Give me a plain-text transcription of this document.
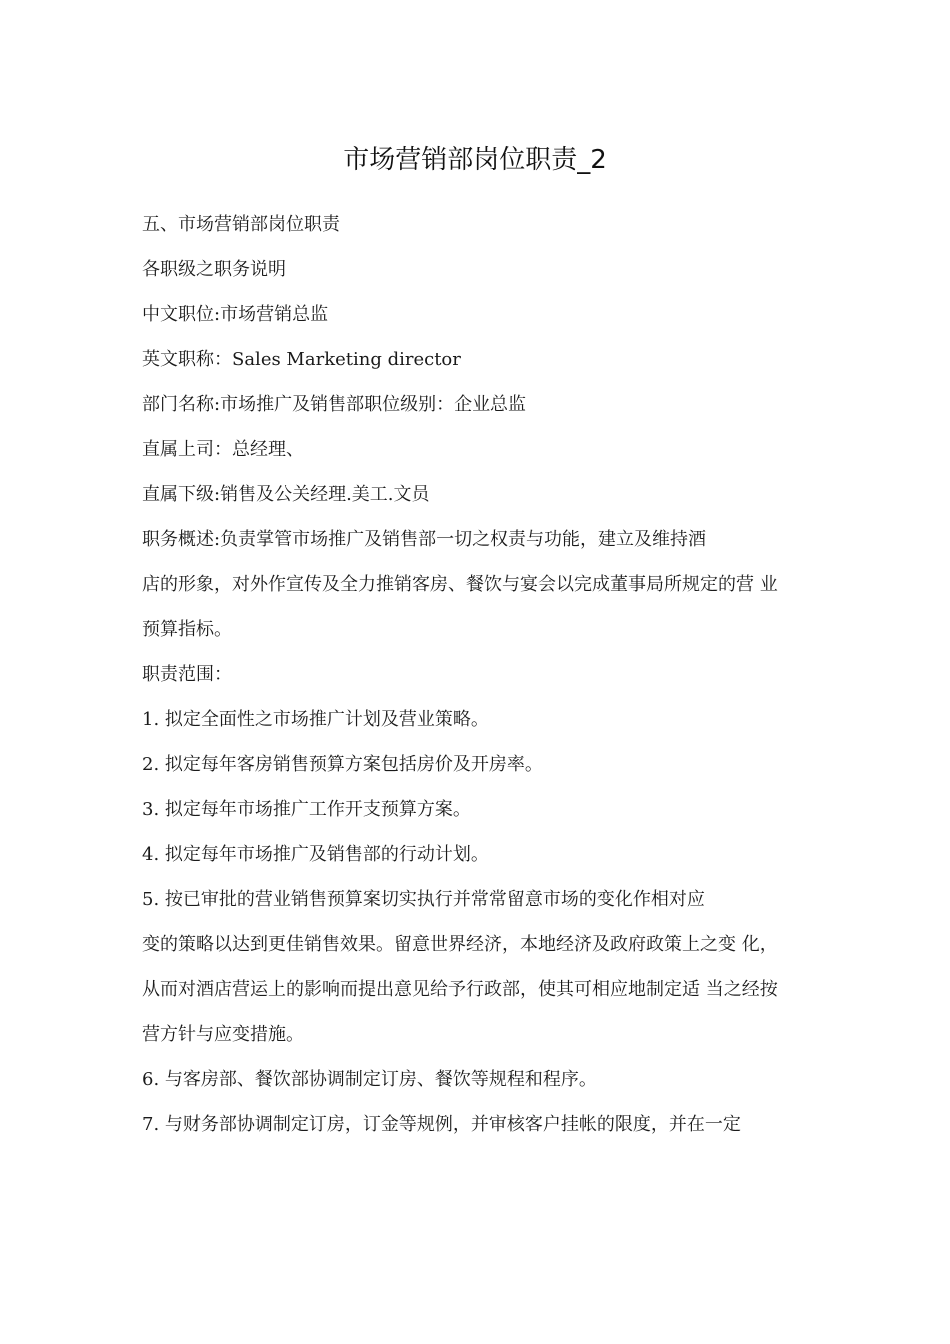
市场营销部岗位职责_2
五、市场营销部岗位职责
各职级之职务说明
中文职位:市场营销总监
英文职称：Sales Marketing director
部门名称:市场推广及销售部职位级别：企业总监
直属上司：总经理、
直属下级:销售及公关经理.美工.文员
职务概述:负责掌管市场推广及销售部一切之权责与功能，建立及维持酒
店的形象，对外作宣传及全力推销客房、餐饮与宴会以完成董事局所规定的营 业
预算指标。
职责范围：
1. 拟定全面性之市场推广计划及营业策略。
2. 拟定每年客房销售预算方案包括房价及开房率。
3. 拟定每年市场推广工作开支预算方案。
4. 拟定每年市场推广及销售部的行动计划。
5. 按已审批的营业销售预算案切实执行并常常留意市场的变化作相对应
变的策略以达到更佳销售效果。留意世界经济，本地经济及政府政策上之变 化，
从而对酒店营运上的影响而提出意见给予行政部，使其可相应地制定适 当之经按
营方针与应变措施。
6. 与客房部、餐饮部协调制定订房、餐饮等规程和程序。
7. 与财务部协调制定订房，订金等规例，并审核客户挂帐的限度，并在一定
